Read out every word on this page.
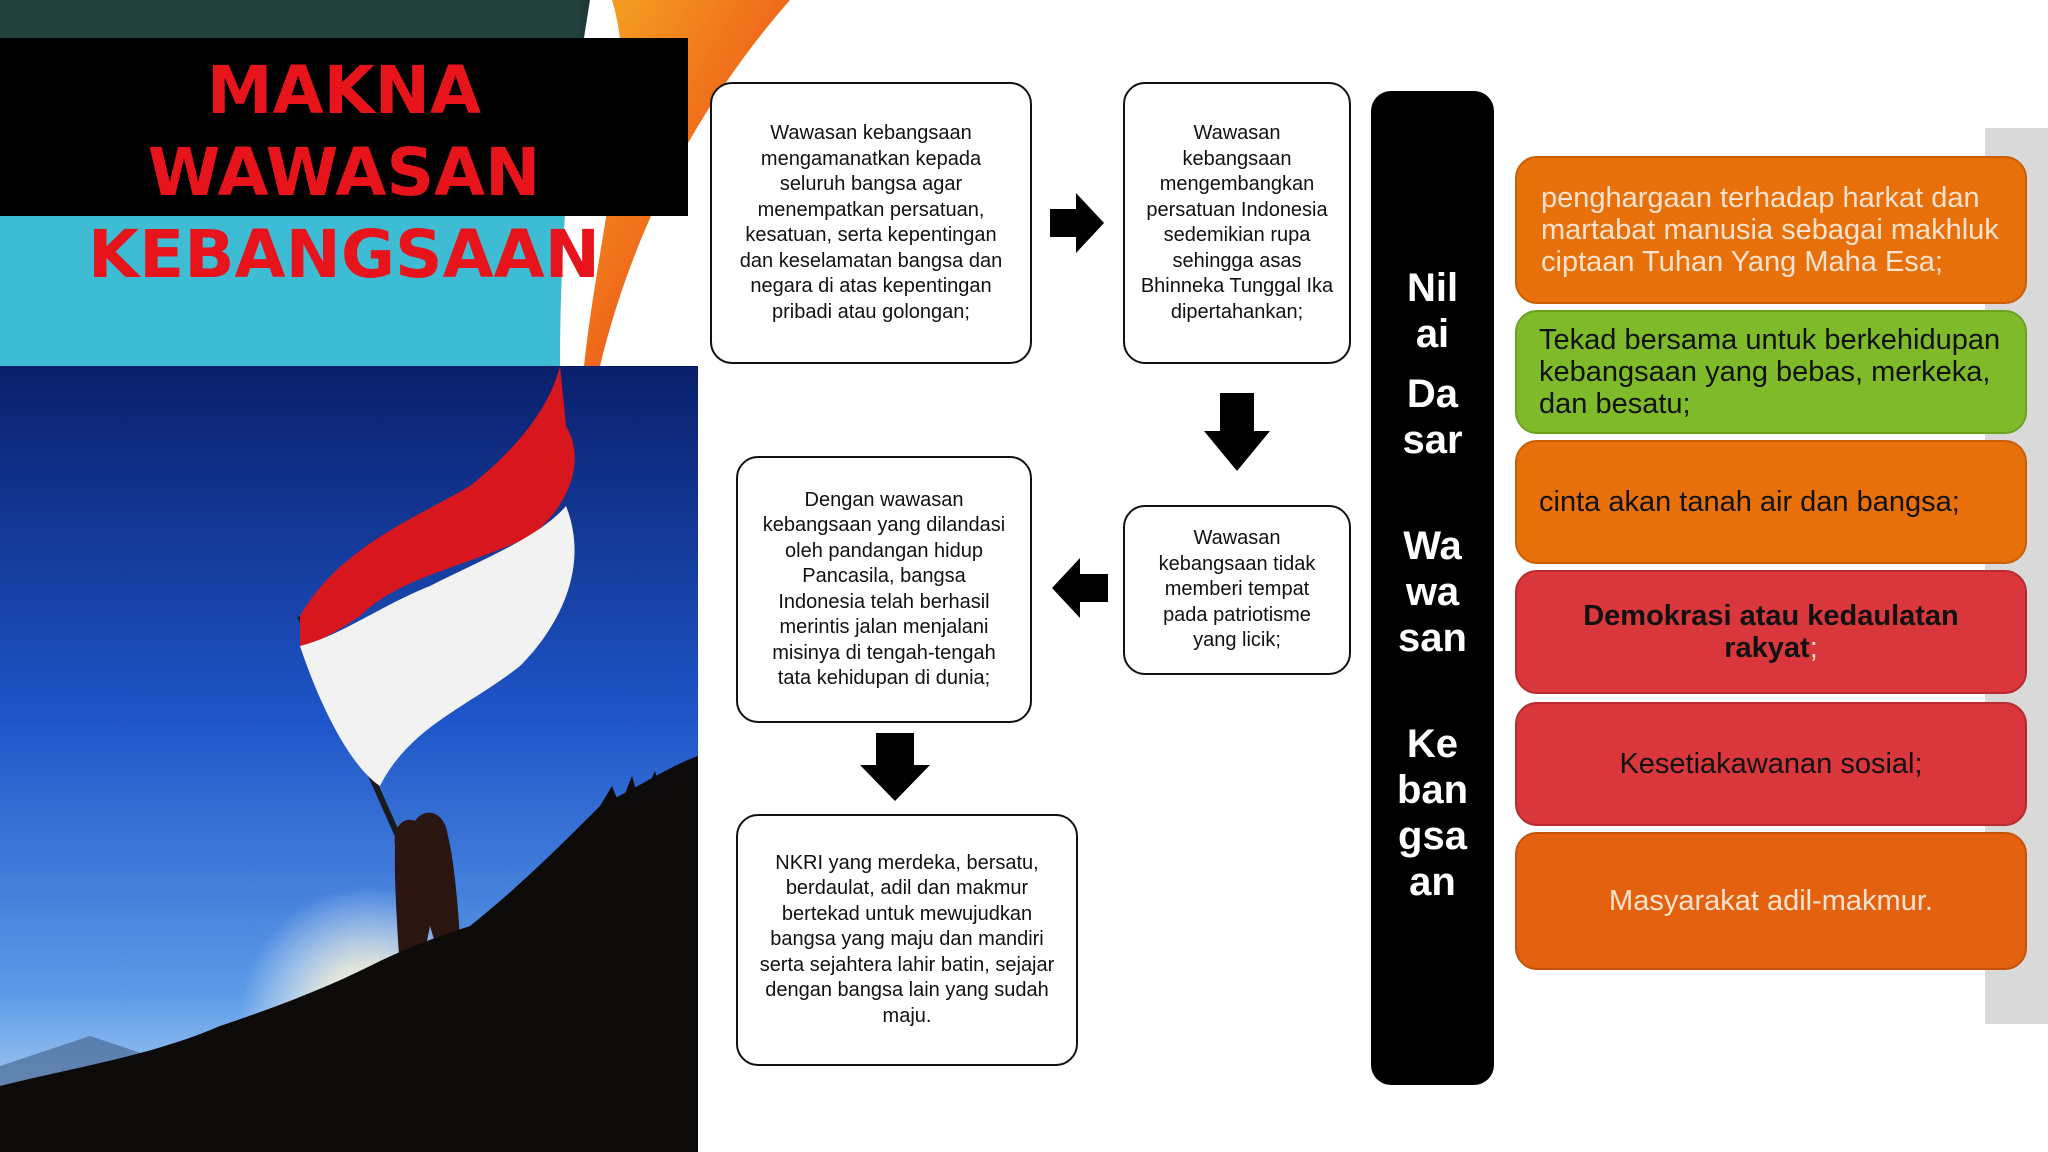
MAKNA WAWASAN
KEBANGSAAN
Wawasan kebangsaan mengamanatkan kepada seluruh bangsa agar menempatkan persatuan, kesatuan, serta kepentingan dan keselamatan bangsa dan negara di atas kepentingan pribadi atau golongan;
Wawasan kebangsaan mengembangkan persatuan Indonesia sedemikian rupa sehingga asas Bhinneka Tunggal Ika dipertahankan;
Wawasan kebangsaan tidak memberi tempat pada patriotisme yang licik;
Dengan wawasan kebangsaan yang dilandasi oleh pandangan hidup Pancasila, bangsa Indonesia telah berhasil merintis jalan menjalani misinya di tengah-tengah tata kehidupan di dunia;
NKRI yang merdeka, bersatu, berdaulat, adil dan makmur bertekad untuk mewujudkan bangsa yang maju dan mandiri serta sejahtera lahir batin, sejajar dengan bangsa lain yang sudah maju.
Nil
ai
Da
sar
Wa
wa
san
Ke
ban
gsa
an
penghargaan terhadap harkat dan martabat manusia sebagai makhluk ciptaan Tuhan Yang Maha Esa;
Tekad bersama untuk berkehidupan kebangsaan yang bebas, merkeka, dan besatu;
cinta akan tanah air dan bangsa;
Demokrasi atau kedaulatan rakyat;
Kesetiakawanan sosial;
Masyarakat adil-makmur.
